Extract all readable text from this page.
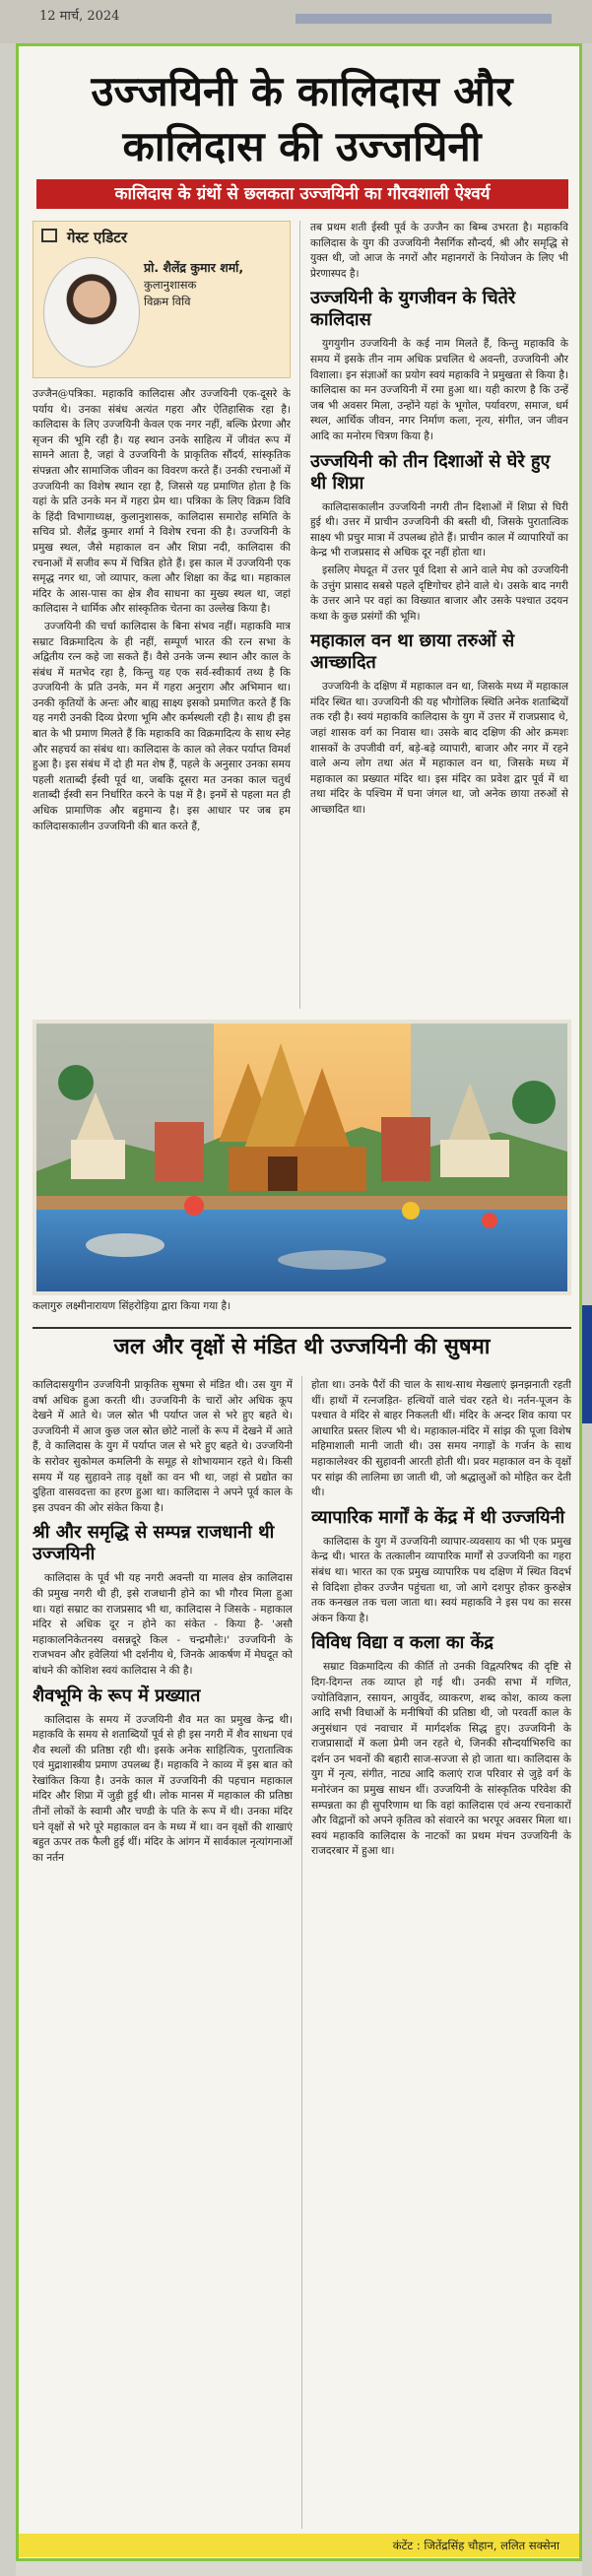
12 मार्च, 2024
उज्जयिनी के कालिदास और
कालिदास की उज्जयिनी
कालिदास के ग्रंथों से छलकता उज्जयिनी का गौरवशाली ऐश्वर्य
गेस्ट एडिटर
प्रो. शैलेंद्र कुमार शर्मा,
कुलानुशासक
विक्रम विवि

उज्जैन@पत्रिका. महाकवि कालिदास और उज्जयिनी एक-दूसरे के पर्याय थे। उनका संबंध अत्यंत गहरा और ऐतिहासिक रहा है। कालिदास के लिए उज्जयिनी केवल एक नगर नहीं, बल्कि प्रेरणा और सृजन की भूमि रही है। यह स्थान उनके साहित्य में जीवंत रूप में सामने आता है, जहां वे उज्जयिनी के प्राकृतिक सौंदर्य, सांस्कृतिक संपन्नता और सामाजिक जीवन का विवरण करते हैं। उनकी रचनाओं में उज्जयिनी का विशेष स्थान रहा है, जिससे यह प्रमाणित होता है कि यहां के प्रति उनके मन में गहरा प्रेम था। पत्रिका के लिए विक्रम विवि के हिंदी विभागाध्यक्ष, कुलानुशासक, कालिदास समारोह समिति के सचिव प्रो. शैलेंद्र कुमार शर्मा ने विशेष रचना की है। उज्जयिनी के प्रमुख स्थल, जैसे महाकाल वन और शिप्रा नदी, कालिदास की रचनाओं में सजीव रूप में चित्रित होते हैं। इस काल में उज्जयिनी एक समृद्ध नगर था, जो व्यापार, कला और शिक्षा का केंद्र था। महाकाल मंदिर के आस-पास का क्षेत्र शैव साधना का मुख्य स्थल था, जहां कालिदास ने धार्मिक और सांस्कृतिक चेतना का उल्लेख किया है।

उज्जयिनी की चर्चा कालिदास के बिना संभव नहीं। महाकवि मात्र सम्राट विक्रमादित्य के ही नहीं, सम्पूर्ण भारत की रत्न सभा के अद्वितीय रत्न कहे जा सकते हैं। वैसे उनके जन्म स्थान और काल के संबंध में मतभेद रहा है, किन्तु यह एक सर्व-स्वीकार्य तथ्य है कि उज्जयिनी के प्रति उनके, मन में गहरा अनुराग और अभिमान था। उनकी कृतियों के अन्तः और बाह्य साक्ष्य इसको प्रमाणित करते हैं कि यह नगरी उनकी दिव्य प्रेरणा भूमि और कर्मस्थली रही है। साथ ही इस बात के भी प्रमाण मिलते हैं कि महाकवि का विक्रमादित्य के साथ स्नेह और सहचर्य का संबंध था। कालिदास के काल को लेकर पर्याप्त विमर्श हुआ है। इस संबंध में दो ही मत शेष हैं, पहले के अनुसार उनका समय पहली शताब्दी ईस्वी पूर्व था, जबकि दूसरा मत उनका काल चतुर्थ शताब्दी ईस्वी सन निर्धारित करने के पक्ष में है। इनमें से पहला मत ही अधिक प्रामाणिक और बहुमान्य है। इस आधार पर जब हम कालिदासकालीन उज्जयिनी की बात करते हैं,

तब प्रथम शती ईस्वी पूर्व के उज्जैन का बिम्ब उभरता है। महाकवि कालिदास के युग की उज्जयिनी नैसर्गिक सौन्दर्य, श्री और समृद्धि से युक्त थी, जो आज के नगरों और महानगरों के नियोजन के लिए भी प्रेरणास्पद है।

उज्जयिनी के युगजीवन के चितेरे कालिदास

युगयुगीन उज्जयिनी के कई नाम मिलते हैं, किन्तु महाकवि के समय में इसके तीन नाम अधिक प्रचलित थे अवन्ती, उज्जयिनी और विशाला। इन संज्ञाओं का प्रयोग स्वयं महाकवि ने प्रमुखता से किया है। कालिदास का मन उज्जयिनी में रमा हुआ था। यही कारण है कि उन्हें जब भी अवसर मिला, उन्होंने यहां के भूगोल, पर्यावरण, समाज, धर्म स्थल, आर्थिक जीवन, नगर निर्माण कला, नृत्य, संगीत, जन जीवन आदि का मनोरम चित्रण किया है।

उज्जयिनी को तीन दिशाओं से घेरे हुए थी शिप्रा

कालिदासकालीन उज्जयिनी नगरी तीन दिशाओं में शिप्रा से घिरी हुई थी। उत्तर में प्राचीन उज्जयिनी की बस्ती थी, जिसके पुरातात्विक साक्ष्य भी प्रचुर मात्रा में उपलब्ध होते हैं। प्राचीन काल में व्यापारियों का केन्द्र भी राजप्रसाद से अधिक दूर नहीं होता था।

इसलिए मेघदूत में उत्तर पूर्व दिशा से आने वाले मेघ को उज्जयिनी के उत्तुंग प्रासाद सबसे पहले दृष्टिगोचर होने वाले थे। उसके बाद नगरी के उत्तर आने पर वहां का विख्यात बाजार और उसके पश्चात उदयन कथा के कुछ प्रसंगों की भूमि।

महाकाल वन था छाया तरुओं से आच्छादित

उज्जयिनी के दक्षिण में महाकाल वन था, जिसके मध्य में महाकाल मंदिर स्थित था। उज्जयिनी की यह भौगोलिक स्थिति अनेक शताब्दियों तक रही है। स्वयं महाकवि कालिदास के युग में उत्तर में राजप्रसाद थे, जहां शासक वर्ग का निवास था। उसके बाद दक्षिण की ओर क्रमशः शासकों के उपजीवी वर्ग, बड़े-बड़े व्यापारी, बाजार और नगर में रहने वाले अन्य लोग तथा अंत में महाकाल वन था, जिसके मध्य में महाकाल का प्रख्यात मंदिर था। इस मंदिर का प्रवेश द्वार पूर्व में था तथा मंदिर के पश्चिम में घना जंगल था, जो अनेक छाया तरुओं से आच्छादित था।

कलागुरु लक्ष्मीनारायण सिंहरोड़िया द्वारा किया गया है।
जल और वृक्षों से मंडित थी उज्जयिनी की सुषमा

कालिदासयुगीन उज्जयिनी प्राकृतिक सुषमा से मंडित थी। उस युग में वर्षा अधिक हुआ करती थी। उज्जयिनी के चारों ओर अधिक कूप देखने में आते थे। जल स्रोत भी पर्याप्त जल से भरे हुए बहते थे। उज्जयिनी में आज कुछ जल स्रोत छोटे नालों के रूप में देखने में आते हैं, वे कालिदास के युग में पर्याप्त जल से भरे हुए बहते थे। उज्जयिनी के सरोवर सुकोमल कमलिनी के समूह से शोभायमान रहते थे। किसी समय में यह सुहावने ताड़ वृक्षों का वन भी था, जहां से प्रद्योत का दुहिता वासवदत्ता का हरण हुआ था। कालिदास ने अपने पूर्व काल के इस उपवन की ओर संकेत किया है।

श्री और समृद्धि से सम्पन्न राजधानी थी उज्जयिनी

कालिदास के पूर्व भी यह नगरी अवन्ती या मालव क्षेत्र कालिदास की प्रमुख नगरी थी ही, इसे राजधानी होने का भी गौरव मिला हुआ था। यहां सम्राट का राजप्रसाद भी था, कालिदास ने जिसके - महाकाल मंदिर से अधिक दूर न होने का संकेत - किया है- 'असौ महाकालनिकेतनस्य वसन्नदूरे किल - चन्द्रमौलेः।' उज्जयिनी के राजभवन और हवेलियां भी दर्शनीय थे, जिनके आकर्षण में मेघदूत को बांधने की कोशिश स्वयं कालिदास ने की है।

शैवभूमि के रूप में प्रख्यात

कालिदास के समय में उज्जयिनी शैव मत का प्रमुख केन्द्र थी। महाकवि के समय से शताब्दियों पूर्व से ही इस नगरी में शैव साधना एवं शैव स्थलों की प्रतिष्ठा रही थी। इसके अनेक साहित्यिक, पुरातात्विक एवं मुद्राशास्त्रीय प्रमाण उपलब्ध हैं। महाकवि ने काव्य में इस बात को रेखांकित किया है। उनके काल में उज्जयिनी की पहचान महाकाल मंदिर और शिप्रा में जुड़ी हुई थी। लोक मानस में महाकाल की प्रतिष्ठा तीनों लोकों के स्वामी और चण्डी के पति के रूप में थी। उनका मंदिर घने वृक्षों से भरे पूरे महाकाल वन के मध्य में था। वन वृक्षों की शाखाएं बहुत ऊपर तक फैली हुई थीं। मंदिर के आंगन में सार्वकाल नृत्यांगनाओं का नर्तन

होता था। उनके पैरों की चाल के साथ-साथ मेखलाएं झनझनाती रहती थीं। हाथों में रत्नजड़ित- हत्थियों वाले चंवर रहते थे। नर्तन-पूजन के पश्चात वे मंदिर से बाहर निकलती थीं। मंदिर के अन्दर शिव काया पर आधारित प्रस्तर शिल्प भी थे। महाकाल-मंदिर में सांझ की पूजा विशेष महिमाशाली मानी जाती थी। उस समय नगाड़ों के गर्जन के साथ महाकालेश्वर की सुहावनी आरती होती थी। प्रवर महाकाल वन के वृक्षों पर सांझ की लालिमा छा जाती थी, जो श्रद्धालुओं को मोहित कर देती थी।

व्यापारिक मार्गों के केंद्र में थी उज्जयिनी

कालिदास के युग में उज्जयिनी व्यापार-व्यवसाय का भी एक प्रमुख केन्द्र थी। भारत के तत्कालीन व्यापारिक मार्गों से उज्जयिनी का गहरा संबंध था। भारत का एक प्रमुख व्यापारिक पथ दक्षिण में स्थित विदर्भ से विदिशा होकर उज्जैन पहुंचता था, जो आगे दशपुर होकर कुरुक्षेत्र तक कनखल तक चला जाता था। स्वयं महाकवि ने इस पथ का सरस अंकन किया है।

विविध विद्या व कला का केंद्र

सम्राट विक्रमादित्य की कीर्ति तो उनकी विद्वत्परिषद की दृष्टि से दिग-दिगन्त तक व्याप्त हो गई थी। उनकी सभा में गणित, ज्योतिविज्ञान, रसायन, आयुर्वेद, व्याकरण, शब्द कोश, काव्य कला आदि सभी विधाओं के मनीषियों की प्रतिष्ठा थी, जो परवर्ती काल के अनुसंधान एवं नवाचार में मार्गदर्शक सिद्ध हुए। उज्जयिनी के राजप्रासादों में कला प्रेमी जन रहते थे, जिनकी सौन्दर्याभिरुचि का दर्शन उन भवनों की बहारी साज-सज्जा से हो जाता था। कालिदास के युग में नृत्य, संगीत, नाट्य आदि कलाएं राज परिवार से जुड़े वर्ग के मनोरंजन का प्रमुख साधन थीं। उज्जयिनी के सांस्कृतिक परिवेश की सम्पन्नता का ही सुपरिणाम था कि वहां कालिदास एवं अन्य रचनाकारों और विद्वानों को अपने कृतित्व को संवारने का भरपूर अवसर मिला था। स्वयं महाकवि कालिदास के नाटकों का प्रथम मंचन उज्जयिनी के राजदरबार में हुआ था।

कंटेंट : जितेंद्रसिंह चौहान, ललित सक्सेना
